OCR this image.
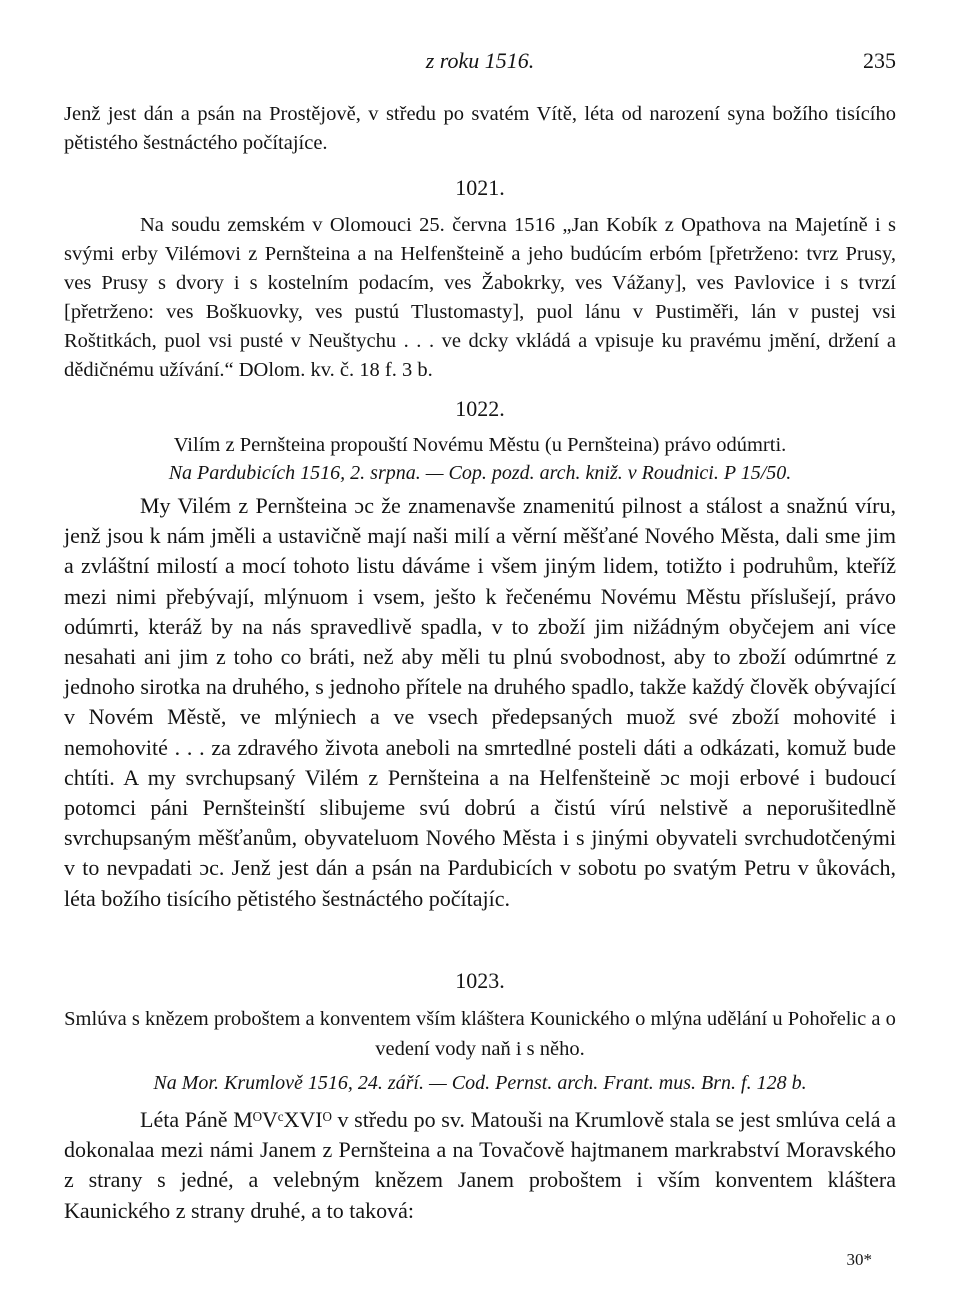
z roku 1516.	235

Jenž jest dán a psán na Prostějově, v středu po svatém Vítě, léta od narození syna božího tisícího pětistého šestnáctého počítajíce.

1021.

Na soudu zemském v Olomouci 25. června 1516 „Jan Kobík z Opathova na Majetíně i s svými erby Vilémovi z Pernšteina a na Helfenšteině a jeho budúcím erbóm [přetrženo: tvrz Prusy, ves Prusy s dvory i s kostelním podacím, ves Žabokrky, ves Vážany], ves Pavlovice i s tvrzí [přetrženo: ves Boškuovky, ves pustú Tlustomasty], puol lánu v Pustiměři, lán v pustej vsi Roštitkách, puol vsi pusté v Neuštychu . . . ve dcky vkládá a vpisuje ku pravému jmění, držení a dědičnému užívání.“ DOlom. kv. č. 18 f. 3 b.

1022.

Vilím z Pernšteina propouští Novému Městu (u Pernšteina) právo odúmrti.

Na Pardubicích 1516, 2. srpna. — Cop. pozd. arch. kniž. v Roudnici. P 15/50.

My Vilém z Pernšteina ɔc že znamenavše znamenitú pilnost a stálost a snažnú víru, jenž jsou k nám jměli a ustavičně mají naši milí a věrní měšťané Nového Města, dali sme jim a zvláštní milostí a mocí tohoto listu dáváme i všem jiným lidem, totižto i podruhům, kteříž mezi nimi přebývají, mlýnuom i vsem, ješto k řečenému Novému Městu příslušejí, právo odúmrti, kteráž by na nás spravedlivě spadla, v to zboží jim nižádným obyčejem ani více nesahati ani jim z toho co bráti, než aby měli tu plnú svobodnost, aby to zboží odúmrtné z jednoho sirotka na druhého, s jednoho přítele na druhého spadlo, takže každý člověk obývající v Novém Městě, ve mlýniech a ve vsech předepsaných muož své zboží mohovité i nemohovité . . . za zdravého života aneboli na smrtedlné posteli dáti a odkázati, komuž bude chtíti. A my svrchupsaný Vilém z Pernšteina a na Helfenšteině ɔc moji erbové i budoucí potomci páni Pernšteinští slibujeme svú dobrú a čistú vírú nelstivě a neporušitedlně svrchupsaným měšťanům, obyvateluom Nového Města i s jinými obyvateli svrchudotčenými v to nevpadati ɔc. Jenž jest dán a psán na Pardubicích v sobotu po svatým Petru v ůkovách, léta božího tisícího pětistého šestnáctého počítajíc.

1023.

Smlúva s knězem proboštem a konventem vším kláštera Kounického o mlýna udělání u Pohořelic a o vedení vody naň i s něho.

Na Mor. Krumlově 1516, 24. září. — Cod. Pernst. arch. Frant. mus. Brn. f. 128 b.

Léta Páně MᴼVᶜXVIᴼ v středu po sv. Matouši na Krumlově stala se jest smlúva celá a dokonalaa mezi námi Janem z Pernšteina a na Tovačově hajtmanem markrabství Moravského z strany s jedné, a velebným knězem Janem proboštem i vším konventem kláštera Kaunického z strany druhé, a to taková:

30*
